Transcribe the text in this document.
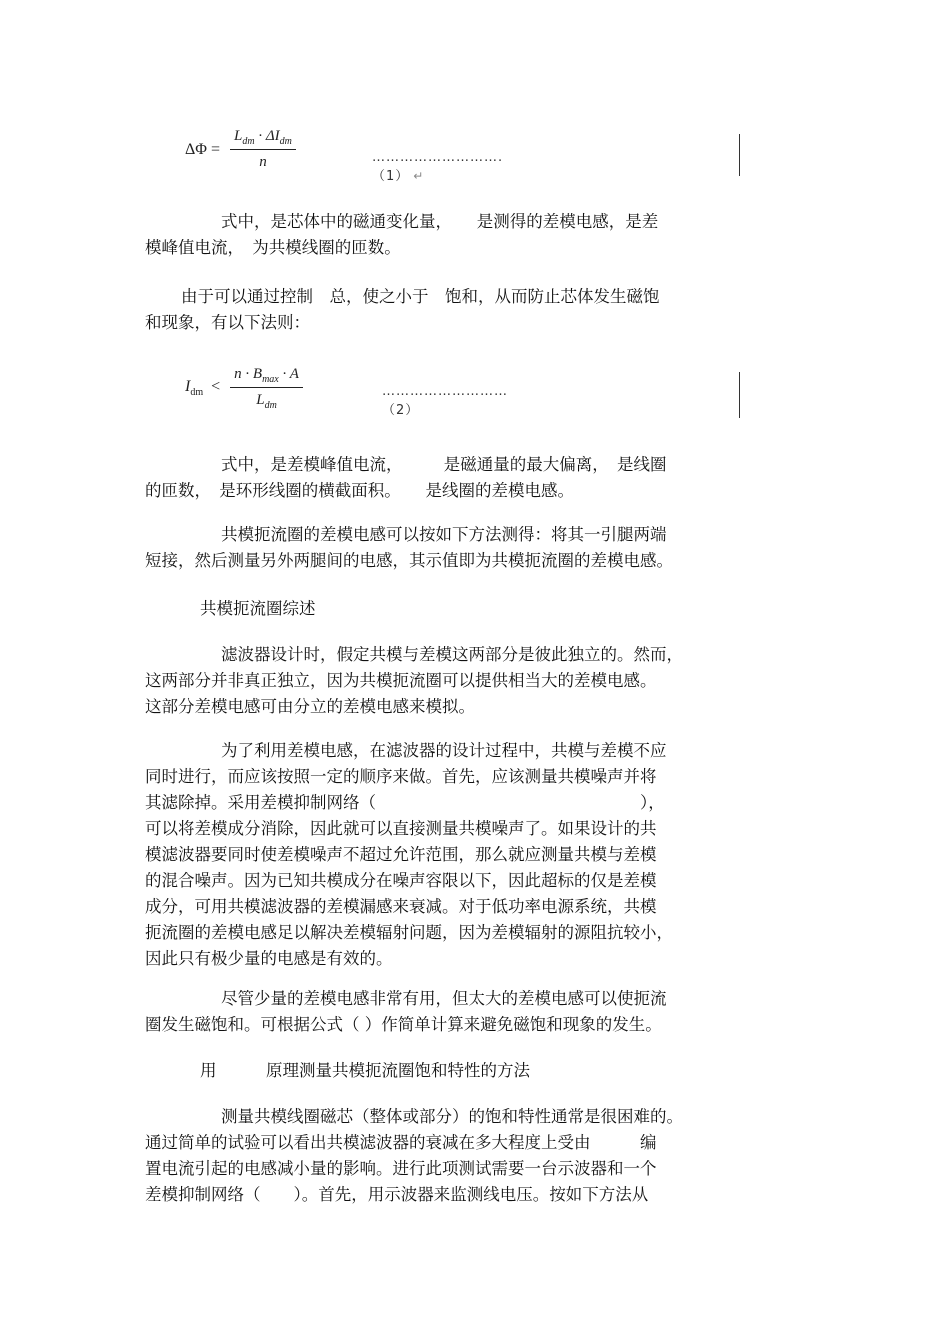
$\Delta\Phi = \frac{L_{dm} \cdot \Delta I_{dm}}{n}$	……………………….（1） ↵
式中，是芯体中的磁通变化量，　　是测得的差模电感，是差
模峰值电流，　为共模线圈的匝数。
由于可以通过控制　总，使之小于　饱和，从而防止芯体发生磁饱
和现象，有以下法则：
$I_{dm} < \frac{n \cdot B_{max} \cdot A}{L_{dm}}$	………………………（2）
式中，是差模峰值电流，　　　是磁通量的最大偏离，　是线圈
的匝数，　是环形线圈的横截面积。　　是线圈的差模电感。
共模扼流圈的差模电感可以按如下方法测得：将其一引腿两端
短接，然后测量另外两腿间的电感，其示值即为共模扼流圈的差模电感。
共模扼流圈综述
滤波器设计时，假定共模与差模这两部分是彼此独立的。然而，
这两部分并非真正独立，因为共模扼流圈可以提供相当大的差模电感。
这部分差模电感可由分立的差模电感来模拟。
为了利用差模电感，在滤波器的设计过程中，共模与差模不应
同时进行，而应该按照一定的顺序来做。首先，应该测量共模噪声并将
其滤除掉。采用差模抑制网络（　　　　　　　　　　　　　　　　），
可以将差模成分消除，因此就可以直接测量共模噪声了。如果设计的共
模滤波器要同时使差模噪声不超过允许范围，那么就应测量共模与差模
的混合噪声。因为已知共模成分在噪声容限以下，因此超标的仅是差模
成分，可用共模滤波器的差模漏感来衰减。对于低功率电源系统，共模
扼流圈的差模电感足以解决差模辐射问题，因为差模辐射的源阻抗较小，
因此只有极少量的电感是有效的。
尽管少量的差模电感非常有用，但太大的差模电感可以使扼流
圈发生磁饱和。可根据公式（ ）作简单计算来避免磁饱和现象的发生。
用　　　原理测量共模扼流圈饱和特性的方法
测量共模线圈磁芯（整体或部分）的饱和特性通常是很困难的。
通过简单的试验可以看出共模滤波器的衰减在多大程度上受由　　　编
置电流引起的电感减小量的影响。进行此项测试需要一台示波器和一个
差模抑制网络（　　）。首先，用示波器来监测线电压。按如下方法从
